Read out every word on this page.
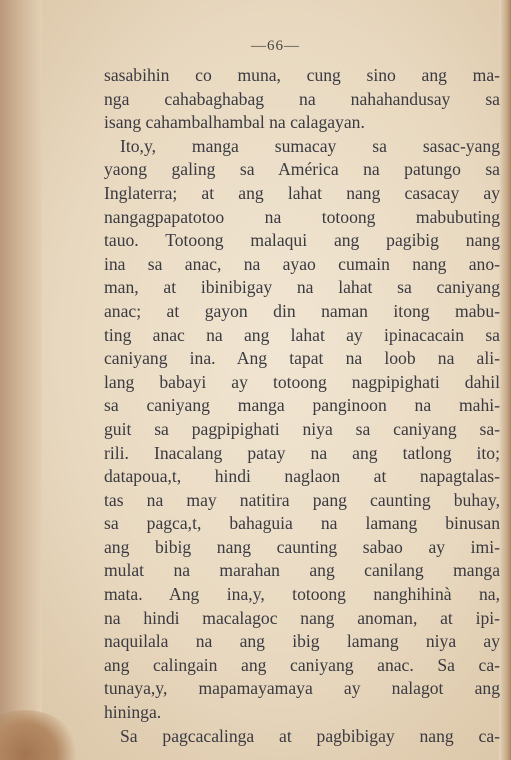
—66—
sasabihin co muna, cung sino ang ma-
nga cahabaghabag na nahahandusay sa
isang cahambalhambal na calagayan.
Ito,y, manga sumacay sa sasac-yang
yaong galing sa América na patungo sa
Inglaterra; at ang lahat nang casacay ay
nangagpapatotoo na totoong mabubuting
tauo. Totoong malaqui ang pagibig nang
ina sa anac, na ayao cumain nang ano-
man, at ibinibigay na lahat sa caniyang
anac; at gayon din naman itong mabu-
ting anac na ang lahat ay ipinacacain sa
caniyang ina. Ang tapat na loob na ali-
lang babayi ay totoong nagpipighati dahil
sa caniyang manga panginoon na mahi-
guit sa pagpipighati niya sa caniyang sa-
rili. Inacalang patay na ang tatlong ito;
datapoua,t, hindi naglaon at napagtalas-
tas na may natitira pang caunting buhay,
sa pagca,t, bahaguia na lamang binusan
ang bibig nang caunting sabao ay imi-
mulat na marahan ang canilang manga
mata. Ang ina,y, totoong nanghihinà na,
na hindi macalagoc nang anoman, at ipi-
naquilala na ang ibig lamang niya ay
ang calingain ang caniyang anac. Sa ca-
tunaya,y, mapamayamaya ay nalagot ang
hininga.
Sa pagcacalinga at pagbibigay nang ca-
